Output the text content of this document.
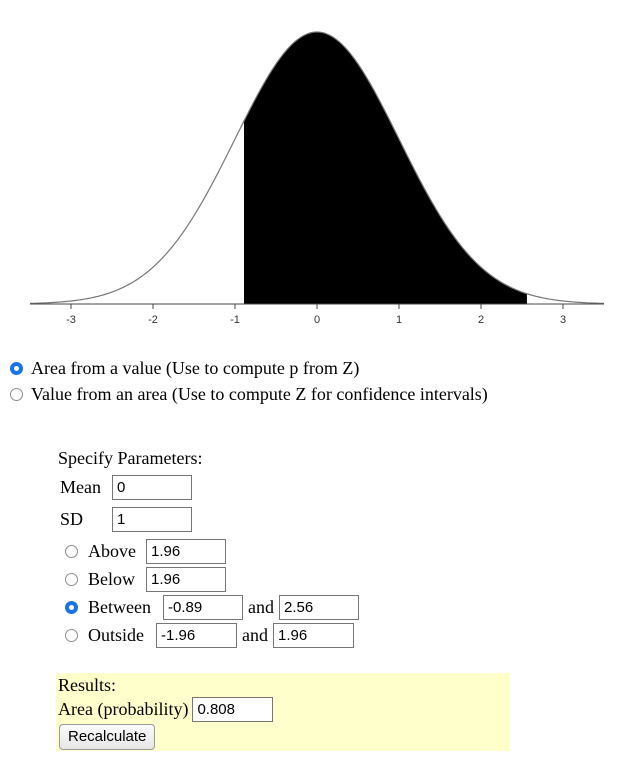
-3	-2	-1	0	1	2	3
Area from a value (Use to compute p from Z)
Value from an area (Use to compute Z for confidence intervals)
Specify Parameters:
Mean	0
SD	1
Above	1.96
Below	1.96
Between	-0.89	and 2.56
Outside	-1.96	and 1.96
Results:
Area (probability) 0.808
Recalculate
